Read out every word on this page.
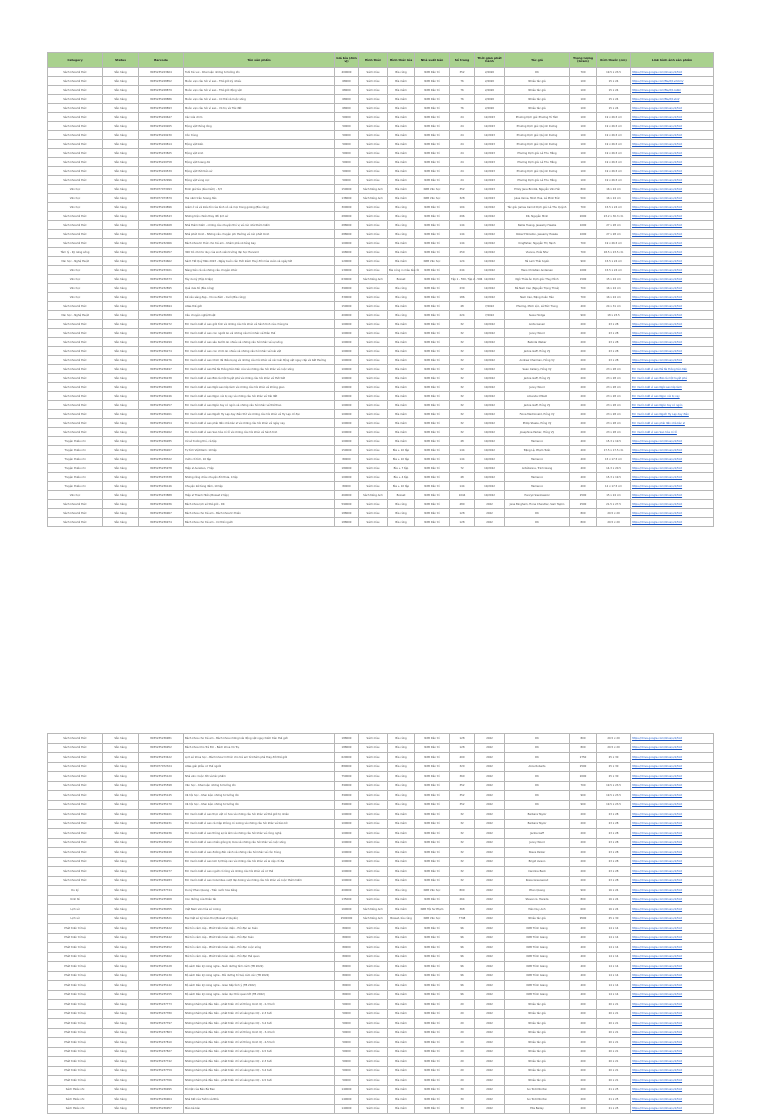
Category	Status	Barcode	Tên sản phẩm	Giá bìa (đơn vị)	Hình thức	Hình thức bìa	Nhà xuất bản	Số trang	Thời gian phát hành	Tác giả	Trọng lượng (Gram)	Kích thước (cm)	Link hình ảnh sản phẩm
Sách khoa tế thức	Sẵn hàng	8935235223604	Tuổi trẻ vui - Khai luận những tư tưởng lớn	400000	Sách màu	Bìa cứng	NXB Dân trí	352	2/2020	DK	700	19.5 x 23.5	https://drive.google.com/drive/u/1/fold
Sách khoa tế thức	Sẵn hàng	8935235228852	Muôn vạn câu hỏi vì sao - Thế giới kỳ nhiều	68000	Sách màu	Bìa mềm	NXB Dân trí	76	2/2020	Nhiều tác giả	100	15 x 24	https://drive.google.com/file/d/1v2cbm/
Sách khoa tế thức	Sẵn hàng	8935235228879	Muôn vạn câu hỏi vì sao - Thế giới động vật	68000	Sách màu	Bìa mềm	NXB Dân trí	76	2/2020	Nhiều tác giả	100	15 x 24	https://drive.google.com/file/d/1cabb/
Sách khoa tế thức	Sẵn hàng	8935235228886	Muôn vạn câu hỏi vì sao - Cơ thể và Cuộc sống	68000	Sách màu	Bìa mềm	NXB Dân trí	76	2/2020	Nhiều tác giả	100	15 x 24	https://drive.google.com/file/d/1vbd/
Sách khoa tế thức	Sẵn hàng	8935235228893	Muôn vạn câu hỏi vì sao - Vũ trụ và Trái đất	68000	Sách màu	Bìa mềm	NXB Dân trí	76	2/2020	Nhiều tác giả	100	15 x 24	https://drive.google.com/drive/u/1/fold
Sách khoa tế thức	Sẵn hàng	8935235229647	Các loài chim	50000	Sách màu	Bìa mềm	NXB Dân trí	24	12/2023	Phương Dịch giả: Phương Tú Tâm	100	19 x 26.5 cm	https://drive.google.com/drive/u/1/fold
Sách khoa tế thức	Sẵn hàng	8935235229265	Động vật thông lớng	50000	Sách màu	Bìa mềm	NXB Dân trí	24	12/2023	Phương Dịch giả: Quỳnh Dương	100	19 x 26.5 cm	https://drive.google.com/drive/u/1/fold
Sách khoa tế thức	Sẵn hàng	8935235229230	Côn trùng	50000	Sách màu	Bìa mềm	NXB Dân trí	24	12/2023	Phương Dịch giả: Quỳnh Dương	100	19 x 26.5 cm	https://drive.google.com/drive/u/1/fold
Sách khoa tế thức	Sẵn hàng	8935235229814	Động vật biển	50000	Sách màu	Bìa mềm	NXB Dân trí	24	12/2023	Phương Dịch giả: Quỳnh Dương	100	19 x 26.5 cm	https://drive.google.com/drive/u/1/fold
Sách khoa tế thức	Sẵn hàng	8935235233825	Động vật xinh	50000	Sách màu	Bìa mềm	NXB Dân trí	24	12/2023	Phương Dịch giả: Lê Thu Hằng	100	19 x 26.5 cm	https://drive.google.com/drive/u/1/fold
Sách khoa tế thức	Sẵn hàng	8935235229758	Động vật hoang dã	50000	Sách màu	Bìa mềm	NXB Dân trí	24	12/2023	Phương Dịch giả: Lê Thu Hằng	100	19 x 26.5 cm	https://drive.google.com/drive/u/1/fold
Sách khoa tế thức	Sẵn hàng	8935235229539	Động vật thời tiền sử	50000	Sách màu	Bìa mềm	NXB Dân trí	24	12/2023	Phương Dịch giả: Quỳnh Dương	100	19 x 26.5 cm	https://drive.google.com/drive/u/1/fold
Sách khoa tế thức	Sẵn hàng	8935235232996	Động vật vùng cực	50000	Sách màu	Bìa mềm	NXB Dân trí	24	12/2023	Phương Dịch giả: Lê Thu Hằng	100	19 x 26.5 cm	https://drive.google.com/drive/u/1/fold
Văn học	Sẵn hàng	8935077073093	Đinh giá tủa (bìa mềm) - 3/3	150000	Sách tiếng Anh	Bìa mềm	NXB Văn học	352	12/2023	Emily Jane Brontë, Nguyễn Văn Hải	800	16 x 24 cm	https://drive.google.com/drive/u/1/fold
Văn học	Sẵn hàng	8935077073879	Hai năm trên hoang đảo	138000	Sách tiếng Anh	Bìa mềm	NXB Văn học	328	12/2023	Jules Verne, Minh Hoa, Lê Minh Đức	500	16 x 24 cm	https://drive.google.com/drive/u/1/fold
Văn học	Sẵn hàng	8935235224896	Giảm ở cả và kiểu tôi của bình vô và mọi trong gương (Bìa cứng)	300000	Sách màu	Bìa cứng	NXB Dân trí	104	12/2022	Tác giả: James Carroll Dịch giả: Lê Thu Quỳnh	700	15.5 x 24 cm	https://drive.google.com/drive/u/1/fold
Sách khoa tế thức	Sẵn hàng	8935235236543	Những trận chiến thay đổi lịch sử	280000	Sách màu	Bìa cứng	NXB Dân trí	296	12/2022	DK, Nguyễn Minh	2000	23.2 x 30.3 cm	https://drive.google.com/drive/u/1/fold
Sách khoa tế thức	Sẵn hàng	8935235236468	Nhà thám hiểm - những câu chuyện thú vị về các nhà thám hiểm	288000	Sách màu	Bìa cứng	NXB Dân trí	144	12/2022	Nellie Huang, Jessamy Hawke	1000	27 x 28 cm	https://drive.google.com/drive/u/1/fold
Sách khoa tế thức	Sẵn hàng	8935235236480	Nhà phát minh - Những câu chuyện phi thường về các phát minh	288000	Sách màu	Bìa cứng	NXB Dân trí	144	12/2022	Robert Winston, Jessamy Hawke	1000	27 x 28 cm	https://drive.google.com/drive/u/1/fold
Sách khoa tế thức	Sẵn hàng	8935235232066	Bách khoa tri thức cho trẻ em - Khám phá vũ tầng bay	100000	Sách màu	Bìa mềm	NXB Dân trí	144	12/2022	Kingfisher, Nguyễn Thị Hạnh	700	19 x 26.5 cm	https://drive.google.com/drive/u/1/fold
Tâm lý - Kỹ năng sống	Sẵn hàng	8935235236057	300 trò chơi tư duy của sinh viên trường đại học Harvard	168000	Sách màu	Bìa mềm	NXB Dân trí	250	12/2022	Vienna, Hoài Như	700	18.5 x 23.5 cm	https://drive.google.com/drive/u/1/fold
Văn học - Nghệ thuật	Sẵn hàng	8935235234662	Sách Tết Quý Mão 2023 - Ngày buồn cần thời kiêm thuỷ đổi mùa xuân và ngày tết	120000	Sách màu	Bìa mềm	NXB Văn học	124	12/2022	Hà Lam Thái tuyển	900	15.5 x 24 cm	https://drive.google.com/drive/u/1/fold
Văn học	Sẵn hàng	8935235233021	Nàng tiên cá và những câu chuyện khác	130000	Sách màu	Bìa cứng in màu bìa rời	NXB Dân trí	244	12/2022	Hans Christian Andersen	1000	15.5 x 24 cm	https://drive.google.com/drive/u/1/fold
Văn học	Sẵn hàng	8935235236373	Tây du ký (Hộp 6 tập)	630000	Sách tiếng Anh	Boxset	NXB Dân trí	Tập 1 - 550, Tập 2 - 596	12/2022	Ngô Thừa Ân Dịch giả: Thụy Đình	1500	15 x 24 cm	https://drive.google.com/drive/u/1/fold
Văn học	Sẵn hàng	8935235232895	Quả dưa đỏ (Bìa cứng)	390000	Sách màu	Bìa cứng	NXB Dân trí	230	12/2022	Bà Nam Cao (Nguyễn Trọng Thoả)	700	16 x 24 cm	https://drive.google.com/drive/u/1/fold
Văn học	Sẵn hàng	8935235236270	Kể câu sáng đẹp - Vũ na đêm - Cuối (Bìa cứng)	330000	Sách màu	Bìa cứng	NXB Dân trí	186	12/2022	Nam Cao, Đặng Xuân Hảo	700	16 x 24 cm	https://drive.google.com/drive/u/1/fold
Sách khoa tế thức	Sẵn hàng	8935235238694	Atlas thế giới	150000	Sách màu	Bìa mềm	NXB Dân trí	48	7/2022	Phương, Minh Lộc, Lê Đức Trung	400	24 x 31 cm	https://drive.google.com/drive/u/1/fold
Văn học - Nghệ thuật	Sẵn hàng	8935235236389	Câu chuyện nghệ thuật	400000	Sách màu	Bìa cứng	NXB Dân trí	224	7/2022	Susie Hodge	900	18 x 23.5	https://drive.google.com/drive/u/1/fold
Sách khoa tế thức	Sẵn hàng	8935235236272	Em muốn biết vì sao giới tính và những câu hỏi khác về hành tinh của chúng ta	100000	Sách màu	Bìa mềm	NXB Dân trí	32	10/2022	Anita Ganeri	200	23 x 28	https://drive.google.com/drive/u/1/fold
Sách khoa tế thức	Sẵn hàng	8935235236289	Em muốn biết vì sao con người ăn và những câu hỏi khác về thân thể	100000	Sách màu	Bìa mềm	NXB Dân trí	32	10/2022	Jenny Wood	200	23 x 28	https://drive.google.com/drive/u/1/fold
Sách khoa tế thức	Sẵn hàng	8935235236299	Em muốn biết vì sao sâu bướm ăn nhiều và những câu hỏi khác về sự sống	100000	Sách màu	Bìa mềm	NXB Dân trí	32	10/2022	Belinda Weber	200	23 x 28	https://drive.google.com/drive/u/1/fold
Sách khoa tế thức	Sẵn hàng	8935235236274	Em muốn biết vì sao con chim ăn nhiều và những câu hỏi khác về loài vật	100000	Sách màu	Bìa mềm	NXB Dân trí	32	10/2022	Jackie Gaff, Hồng Vỹ	200	23 x 28	https://drive.google.com/drive/u/1/fold
Sách khoa tế thức	Sẵn hàng	8935235236276	Em muốn biết vì sao Chim đà điểu bụng và những câu hỏi khác về các loài động vật nguy cấp và bất thường	100000	Sách màu	Bìa mềm	NXB Dân trí	32	10/2022	Andrew Charman, Hồng Vỹ	200	23 x 28	https://drive.google.com/drive/u/1/fold
Sách khoa tế thức	Sẵn hàng	8935235236497	Em muốn biết vì sao Đề tài thông tiên tiến của và những câu hỏi khác về cuộc sống	100000	Sách màu	Bìa mềm	NXB Dân trí	32	10/2022	Sean Callery, Hồng Vỹ	200	23 x 28 cm	Em muốn biết vì sao Đề tài thông tiên tiến
Sách khoa tế thức	Sẵn hàng	8935235236238	Em muốn biết vì sao Bão là một tuyệt phá và những câu hỏi khác về thời tiết	100000	Sách màu	Bìa mềm	NXB Dân trí	32	10/2022	Jackie Gaff, Hồng Vỹ	200	23 x 28 cm	Em muốn biết vì sao Bão là một tuyệt phá
Sách khoa tế thức	Sẵn hàng	8935235236289	Em muốn biết vì sao Ngôi sao lấp lánh và những câu hỏi khác về không gian	100000	Sách màu	Bìa mềm	NXB Dân trí	32	10/2022	Jenny Wood	200	23 x 28 cm	Em muốn biết vì sao Ngôi sao lấp lánh
Sách khoa tế thức	Sẵn hàng	8935235236246	Em muốn biết vì sao Ngọn núi bị cạy và những câu hỏi khác về trái đất	100000	Sách màu	Bìa mềm	NXB Dân trí	32	10/2022	Amanda O'Neill	200	23 x 28 cm	Em muốn biết vì sao Ngọn núi bị cạy
Sách khoa tế thức	Sẵn hàng	8935235236257	Em muốn biết vì sao Ngón tay có ngón và những câu hỏi khác về thể thao	100000	Sách màu	Bìa mềm	NXB Dân trí	32	10/2022	Jackie Gaff, Hồng Vỹ	200	23 x 28 cm	Em muốn biết vì sao Ngón tay có ngón
Sách khoa tế thức	Sẵn hàng	8935235236261	Em muốn biết vì sao Người Hy Lạp dạy điền thờ và những câu hỏi khác về Hy Lạp cổ đại	100000	Sách màu	Bìa mềm	NXB Dân trí	32	10/2022	Fiona MacDonald, Hồng Vỹ	200	23 x 28 cm	Em muốn biết vì sao Người Hy Lạp dạy điền
Sách khoa tế thức	Sẵn hàng	8935235236254	Em muốn biết vì sao phải đến nhà bác sĩ và những câu hỏi khác về ngày nay	100000	Sách màu	Bìa mềm	NXB Dân trí	32	10/2022	Philip Steele, Hồng Vỹ	200	23 x 28 cm	Em muốn biết vì sao phải đến nhà bác sĩ
Sách khoa tế thức	Sẵn hàng	8935235236262	Em muốn biết vì sao Sao hỏa có lỗ và những câu hỏi khác về hành tinh	100000	Sách màu	Bìa mềm	NXB Dân trí	32	10/2022	Josephine Parker, Hồng Vỹ	200	23 x 28 cm	Em muốn biết vì sao Sao hỏa có lỗ
Truyện thiếu nhi	Sẵn hàng	8935235236285	Xứ sở trường thú, cả tập	100000	Sách màu	Bìa mềm	NXB Dân trí	48	10/2022	Hamenco	400	15.3 x 19.5	https://drive.google.com/drive/u/1/fold
Truyện thiếu nhi	Sẵn hàng	8935235236267	Tự tích Việt Nam: 10 tập	150000	Sách màu	Bìa + 10 tập	NXB Dân trí	144	10/2022	Đặng Lệ, Phạm Tuấn	400	17.5 x 17.5 cm	https://drive.google.com/drive/u/1/fold
Truyện thiếu nhi	Sẵn hàng	8935235238322	Vườn cổ tích, 10 tập	80000	Sách màu	Bìa + 10 tập	NXB Dân trí	144	10/2022	Hamenco	400	15 x 17.5 cm	https://drive.google.com/drive/u/1/fold
Truyện thiếu nhi	Sẵn hàng	8935235235978	Hiệp sĩ Aurelien, 7 tập	180000	Sách màu	Bìa + 7 tập	NXB Dân trí	72	10/2022	Ardélianne, Trinh Giang	400	14.3 x 20.5	https://drive.google.com/drive/u/1/fold
Truyện thiếu nhi	Sẵn hàng	8935235233338	Những rằng châu chuyện đời thưa, 4 tập	100000	Sách màu	Bìa + 4 tập	NXB Dân trí	48	10/2022	Hamenco	400	15.3 x 19.5	https://drive.google.com/drive/u/1/fold
Truyện thiếu nhi	Sẵn hàng	8935235236146	Chuyện kể hàng đêm, 10 tập	80000	Sách màu	Bìa + 10 tập	NXB Dân trí	144	10/2022	Hamenco	400	12 x 17.5 cm	https://drive.google.com/drive/u/1/fold
Văn học	Sẵn hàng	8935235233888	Hiệp sĩ Thanh Hiển (Boxset 2 tập)	460000	Sách tiếng Anh	Boxset	NXB Dân trí	1044	10/2022	Henryk Sienkiewicz	2500	15 x 24 cm	https://drive.google.com/drive/u/1/fold
Sách khoa tế thức	Sẵn hàng	8935235236936	Bách khoa lịch sử thế giới - DK	590000	Sách màu	Bìa cứng	NXB Dân trí	480	2022	Jane Bingham, Fiona Chandler, Sam Taplin	2500	21.5 x 27.5	https://drive.google.com/drive/u/1/fold
Sách khoa tế thức	Sẵn hàng	8935235236967	Bách khoa cho trẻ em - Bách khoa tri thiên	188000	Sách màu	Bìa cứng	NXB Dân trí	128	2022	DK	800	20.5 x 29	https://drive.google.com/drive/u/1/fold
Sách khoa tế thức	Sẵn hàng	8935235236974	Bách khoa cho trẻ em - Cơ thể người	188000	Sách màu	Bìa cứng	NXB Dân trí	128	2022	DK	800	20.5 x 29	https://drive.google.com/drive/u/1/fold
Sách khoa tế thức	Sẵn hàng	8935235236981	Bách khoa cho trẻ em - Bách khoa những loài động vật nguy hiểm trên thế giới	188000	Sách màu	Bìa cứng	NXB Dân trí	128	2022	DK	800	20.5 x 29	https://drive.google.com/drive/u/1/fold
Sách khoa tế thức	Sẵn hàng	8935235236952	Bách khoa Cho Trẻ Em - Bách khoa Vũ Trụ	188000	Sách màu	Bìa cứng	NXB Dân trí	128	2022	DK	800	20.5 x 29	https://drive.google.com/drive/u/1/fold
Sách khoa tế thức	Sẵn hàng	8935235233422	Lịch sử khoa học - Bách khoa tri thức cho trẻ em từ khám phá thay đổi thế giới	620000	Sách màu	Bìa cứng	NXB Dân trí	400	2022	DK	2750	25 x 30	https://drive.google.com/drive/u/1/fold
Sách khoa tế thức	Sẵn hàng	8935077072324	Atlas giải phẫu cơ thể người	880000	Sách màu	Bìa cứng	NXB Dân trí	320	2022	Alice Roberts	2500	25 x 30	https://drive.google.com/drive/u/1/fold
Sách khoa tế thức	Sẵn hàng	8935235235120	Nhà văn: Cuộc đời và tác phẩm	750000	Sách màu	Bìa cứng	NXB Dân trí	360	2022	DK	2000	25 x 30	https://drive.google.com/drive/u/1/fold
Sách khoa tế thức	Sẵn hàng	8935235235598	Văn học - Khai luận những tư tưởng lớn	390000	Sách màu	Bìa cứng	NXB Dân trí	352	2022	DK	700	19.5 x 23.5	https://drive.google.com/drive/u/1/fold
Sách khoa tế thức	Sẵn hàng	8935235235145	Xã hội học - Khai luận những tư tưởng lớn	390000	Sách màu	Bìa cứng	NXB Dân trí	352	2022	DK	900	19.5 x 23.5	https://drive.google.com/drive/u/1/fold
Sách khoa tế thức	Sẵn hàng	8935235235170	Xã hội học - Khai luận những tư tưởng lớn	390000	Sách màu	Bìa cứng	NXB Dân trí	352	2022	DK	900	19.5 x 23.5	https://drive.google.com/drive/u/1/fold
Sách khoa tế thức	Sẵn hàng	8935235236221	Em muốn biết vì sao thực vật có hoa và những câu hỏi khác về thế giới tự nhiên	100000	Sách màu	Bìa mềm	NXB Dân trí	32	2022	Barbara Taylor	200	23 x 28	https://drive.google.com/drive/u/1/fold
Sách khoa tế thức	Sẵn hàng	8935235236231	Em muốn biết vì sao cá mập không có xương và những câu hỏi khác về bào bờ	100000	Sách màu	Bìa mềm	NXB Dân trí	32	2022	Barbara Taylor	200	23 x 28	https://drive.google.com/drive/u/1/fold
Sách khoa tế thức	Sẵn hàng	8935235236236	Em muốn biết vì sao thông sự là làm và những câu hỏi khác về công nghệ	100000	Sách màu	Bìa mềm	NXB Dân trí	32	2022	Jackie Gaff	200	23 x 28	https://drive.google.com/drive/u/1/fold
Sách khoa tế thức	Sẵn hàng	8935235236252	Em muốn biết vì sao nhiên giông bị mưa và những câu hỏi khác về cuộc sống	100000	Sách màu	Bìa mềm	NXB Dân trí	32	2022	Jenny Wood	200	23 x 28	https://drive.google.com/drive/u/1/fold
Sách khoa tế thức	Sẵn hàng	8935235236248	Em muốn biết vì sao đường đến cánh và những câu hỏi khác về côn trùng	100000	Sách màu	Bìa mềm	NXB Dân trí	32	2022	Steve Parker	200	23 x 28	https://drive.google.com/drive/u/1/fold
Sách khoa tế thức	Sẵn hàng	8935235236251	Em muốn biết vì sao kim tự tháp cao và những câu hỏi khác về ai cập cổ đại	100000	Sách màu	Bìa mềm	NXB Dân trí	32	2022	Brigid Avison	200	23 x 28	https://drive.google.com/drive/u/1/fold
Sách khoa tế thức	Sẵn hàng	8935235236277	Em muốn biết vì sao người có lông và những câu hỏi khác về cơ thể	100000	Sách màu	Bìa mềm	NXB Dân trí	32	2022	Caroline Beck	200	23 x 28	https://drive.google.com/drive/u/1/fold
Sách khoa tế thức	Sẵn hàng	8935235236283	Em muốn biết vì sao Columbus vượt đại dương và những câu hỏi khác về cuộc thám hiểm	100000	Sách màu	Bìa mềm	NXB Dân trí	32	2022	Rosie Greenwood	200	23 x 28	https://drive.google.com/drive/u/1/fold
Du ký	Sẵn hàng	8935235237744	Du ký Phan Quang - Tiến nước hoa bằng	400000	Sách màu	Bìa cứng	NXB Văn học	800	2022	Phan Quang	900	16 x 24	https://drive.google.com/drive/u/1/fold
Kinh tế	Sẵn hàng	8935235235908	Con đường của thiên tài	135000	Sách màu	Bìa mềm	NXB Dân trí	264	2022	Steven G. Harada	800	16 x 24	https://drive.google.com/drive/u/1/fold
Lịch sử	Sẵn hàng	8935235236055	Việt Nam văn hóa sử cương	160000	Sách tiếng Anh	Bìa mềm	NXB Hội Sư Phạm	368	2022	Đào Duy Anh	600	16 x 24	https://drive.google.com/drive/u/1/fold
Lịch sử	Sẵn hàng	8935235236521	Đại Việt sử ký toàn thư (Boxset 2 Quyển)	2500000	Sách tiếng Anh	Boxset, bìa cứng	NXB Văn học	7748	2022	Nhiều tác giả	9500	25 x 30	https://drive.google.com/drive/u/1/fold
Phát triển trí tuệ	Sẵn hàng	8935235235422	Mê hồn cảm cáp - Phát triển toàn diện - Hồi đặc an toàn	80000	Sách màu	Bìa mềm	NXB Dân trí	96	2022	NXB Trình Giang	400	14 x 14	https://drive.google.com/drive/u/1/fold
Phát triển trí tuệ	Sẵn hàng	8935235235442	Mê hồn cảm cáp - Phát triển toàn diện - Hồi đặc toàn	80000	Sách màu	Bìa mềm	NXB Dân trí	96	2022	NXB Trình Giang	400	14 x 14	https://drive.google.com/drive/u/1/fold
Phát triển trí tuệ	Sẵn hàng	8935235235452	Mê hồn cảm cáp - Phát triển toàn diện - Hồi đặc cuộc sống	80000	Sách màu	Bìa mềm	NXB Dân trí	96	2022	NXB Trình Giang	400	14 x 14	https://drive.google.com/drive/u/1/fold
Phát triển trí tuệ	Sẵn hàng	8935235235462	Mê hồn cảm cáp - Phát triển toàn diện - Hồi đặc thế quan	80000	Sách màu	Bìa mềm	NXB Dân trí	96	2022	NXB Trình Giang	400	14 x 14	https://drive.google.com/drive/u/1/fold
Phát triển trí tuệ	Sẵn hàng	8935235235128	Bộ sách Rèn kỹ năng nghe - Nuôi dưỡng tính cách (TB 2022)	80000	Sách màu	Bìa mềm	NXB Dân trí	96	2022	NXB Trình Giang	400	14 x 14	https://drive.google.com/drive/u/1/fold
Phát triển trí tuệ	Sẵn hàng	8935235235130	Bộ sách Rèn kỹ năng nghe - Bồi dưỡng trí tuệ cảm xúc (TB 2022)	80000	Sách màu	Bìa mềm	NXB Dân trí	96	2022	NXB Trình Giang	400	14 x 14	https://drive.google.com/drive/u/1/fold
Phát triển trí tuệ	Sẵn hàng	8935235235142	Bộ sách Rèn kỹ năng nghe - Giao tiếp tình ý (TB 2022)	80000	Sách màu	Bìa mềm	NXB Dân trí	96	2022	NXB Trình Giang	400	14 x 14	https://drive.google.com/drive/u/1/fold
Phát triển trí tuệ	Sẵn hàng	8935235235155	Bộ sách Rèn kỹ năng nghe - Giáo dục thói quen tốt (TB 2022)	80000	Sách màu	Bìa mềm	NXB Dân trí	96	2022	NXB Trình Giang	400	14 x 14	https://drive.google.com/drive/u/1/fold
Phát triển trí tuệ	Sẵn hàng	8935235237773	Những khám phá đầu tiên - phát triển chỉ số thông minh IQ - 2-3 tuổi	50000	Sách màu	Bìa mềm	NXB Dân trí	20	2022	Nhiều tác giả	200	20 x 21	https://drive.google.com/drive/u/1/fold
Phát triển trí tuệ	Sẵn hàng	8935235237780	Những khám phá đầu tiên - phát triển chỉ số sáng tạo CQ - 2-3 tuổi	50000	Sách màu	Bìa mềm	NXB Dân trí	20	2022	Nhiều tác giả	200	20 x 21	https://drive.google.com/drive/u/1/fold
Phát triển trí tuệ	Sẵn hàng	8935235237797	Những khám phá đầu tiên - phát triển chỉ số sáng tạo CQ - 3-4 tuổi	50000	Sách màu	Bìa mềm	NXB Dân trí	20	2022	Nhiều tác giả	200	20 x 21	https://drive.google.com/drive/u/1/fold
Phát triển trí tuệ	Sẵn hàng	8935235237803	Những khám phá đầu tiên - phát triển chỉ số thông minh IQ - 3-4 tuổi	50000	Sách màu	Bìa mềm	NXB Dân trí	20	2022	Nhiều tác giả	200	20 x 21	https://drive.google.com/drive/u/1/fold
Phát triển trí tuệ	Sẵn hàng	8935235237810	Những khám phá đầu tiên - phát triển chỉ số thông minh IQ - 4-5 tuổi	50000	Sách màu	Bìa mềm	NXB Dân trí	20	2022	Nhiều tác giả	200	20 x 21	https://drive.google.com/drive/u/1/fold
Phát triển trí tuệ	Sẵn hàng	8935235237827	Những khám phá đầu tiên - phát triển chỉ số sáng tạo CQ - 4-5 tuổi	50000	Sách màu	Bìa mềm	NXB Dân trí	20	2022	Nhiều tác giả	200	20 x 21	https://drive.google.com/drive/u/1/fold
Phát triển trí tuệ	Sẵn hàng	8935235237742	Những khám phá đầu tiên - phát triển chỉ số sáng tạo CQ - 2-3 tuổi	50000	Sách màu	Bìa mềm	NXB Dân trí	20	2022	Nhiều tác giả	200	20 x 21	https://drive.google.com/drive/u/1/fold
Phát triển trí tuệ	Sẵn hàng	8935235237759	Những khám phá đầu tiên - phát triển chỉ số sáng tạo CQ - 3-4 tuổi	50000	Sách màu	Bìa mềm	NXB Dân trí	20	2022	Nhiều tác giả	200	20 x 21	https://drive.google.com/drive/u/1/fold
Phát triển trí tuệ	Sẵn hàng	8935235237766	Những khám phá đầu tiên - phát triển chỉ số sáng tạo CQ - 4-5 tuổi	50000	Sách màu	Bìa mềm	NXB Dân trí	20	2022	Nhiều tác giả	200	20 x 21	https://drive.google.com/drive/u/1/fold
Sách thiếu nhi	Sẵn hàng	8935235236995	Bí mật của Bàn Bà Đen	140000	Sách màu	Bìa mềm	NXB Dân trí	30	2022	Ivo Todd Norton	200	21 x 25	https://drive.google.com/drive/u/1/fold
Sách thiếu nhi	Sẵn hàng	8935235236964	Nhà tiết của Tuốm và Nhà	140000	Sách màu	Bìa mềm	NXB Dân trí	30	2022	Ivo Todd Norton	200	21 x 25	https://drive.google.com/drive/u/1/fold
Sách thiếu nhi	Sẵn hàng	8935235236957	Mèo bé bán	140000	Sách màu	Bìa mềm	NXB Dân trí	30	2022	Ella Bailey	200	21 x 25	https://drive.google.com/drive/u/1/fold
